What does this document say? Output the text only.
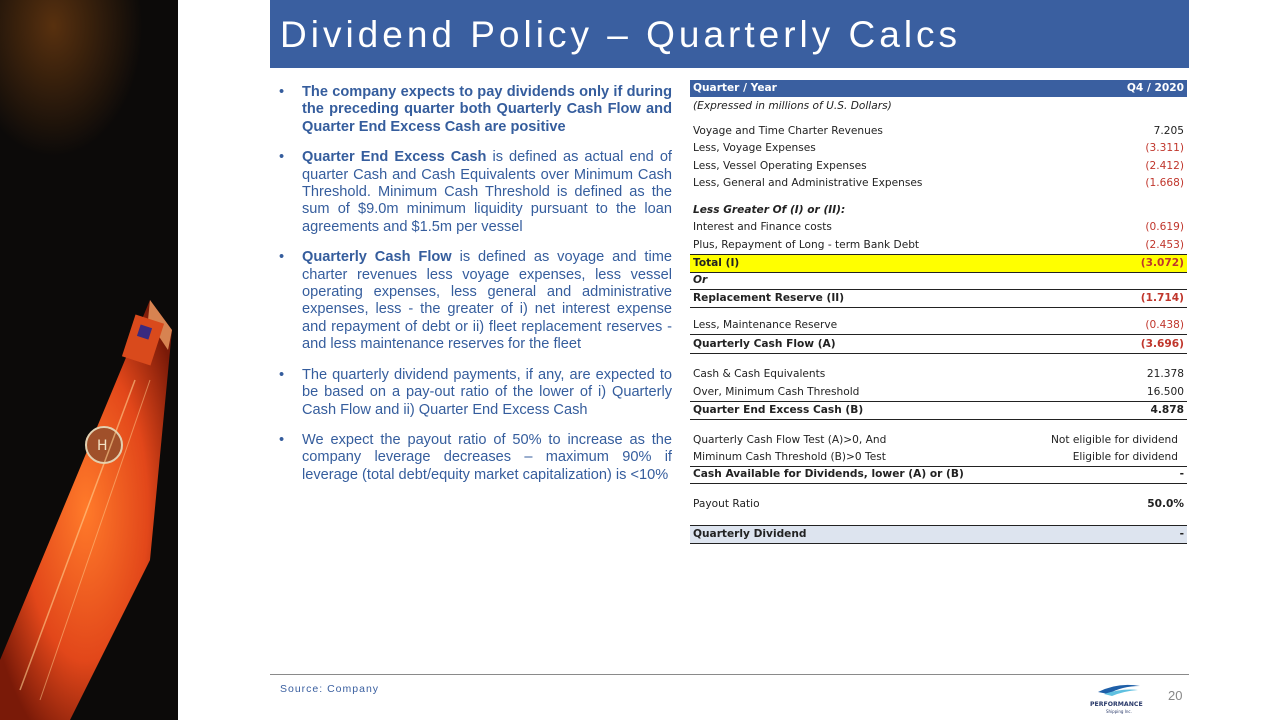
H
Dividend Policy – Quarterly Calcs
• The company expects to pay dividends only if during the preceding quarter both Quarterly Cash Flow and Quarter End Excess Cash are positive
• Quarter End Excess Cash is defined as actual end of quarter Cash and Cash Equivalents over Minimum Cash Threshold. Minimum Cash Threshold is defined as the sum of $9.0m minimum liquidity pursuant to the loan agreements and $1.5m per vessel
• Quarterly Cash Flow is defined as voyage and time charter revenues less voyage expenses, less vessel operating expenses, less general and administrative expenses, less - the greater of i) net interest expense and repayment of debt or ii) fleet replacement reserves - and less maintenance reserves for the fleet
• The quarterly dividend payments, if any, are expected to be based on a pay-out ratio of the lower of i) Quarterly Cash Flow and ii) Quarter End Excess Cash
• We expect the payout ratio of 50% to increase as the company leverage decreases – maximum 90% if leverage (total debt/equity market capitalization) is <10%
Quarter / Year	Q4 / 2020
(Expressed in millions of U.S. Dollars)
Voyage and Time Charter Revenues	7.205
Less, Voyage Expenses	(3.311)
Less, Vessel Operating Expenses	(2.412)
Less, General and Administrative Expenses	(1.668)
Less Greater Of (I) or (II):
Interest and Finance costs	(0.619)
Plus, Repayment of Long - term Bank Debt	(2.453)
Total (I)	(3.072)
Or
Replacement Reserve (II)	(1.714)
Less, Maintenance Reserve	(0.438)
Quarterly Cash Flow (A)	(3.696)
Cash & Cash Equivalents	21.378
Over, Minimum Cash Threshold	16.500
Quarter End Excess Cash (B)	4.878
Quarterly Cash Flow Test (A)>0, And	Not eligible for dividend
Miminum Cash Threshold (B)>0 Test	Eligible for dividend
Cash Available for Dividends, lower (A) or (B)	-
Payout Ratio	50.0%
Quarterly Dividend	-
Source: Company
PERFORMANCE
Shipping Inc.
20
